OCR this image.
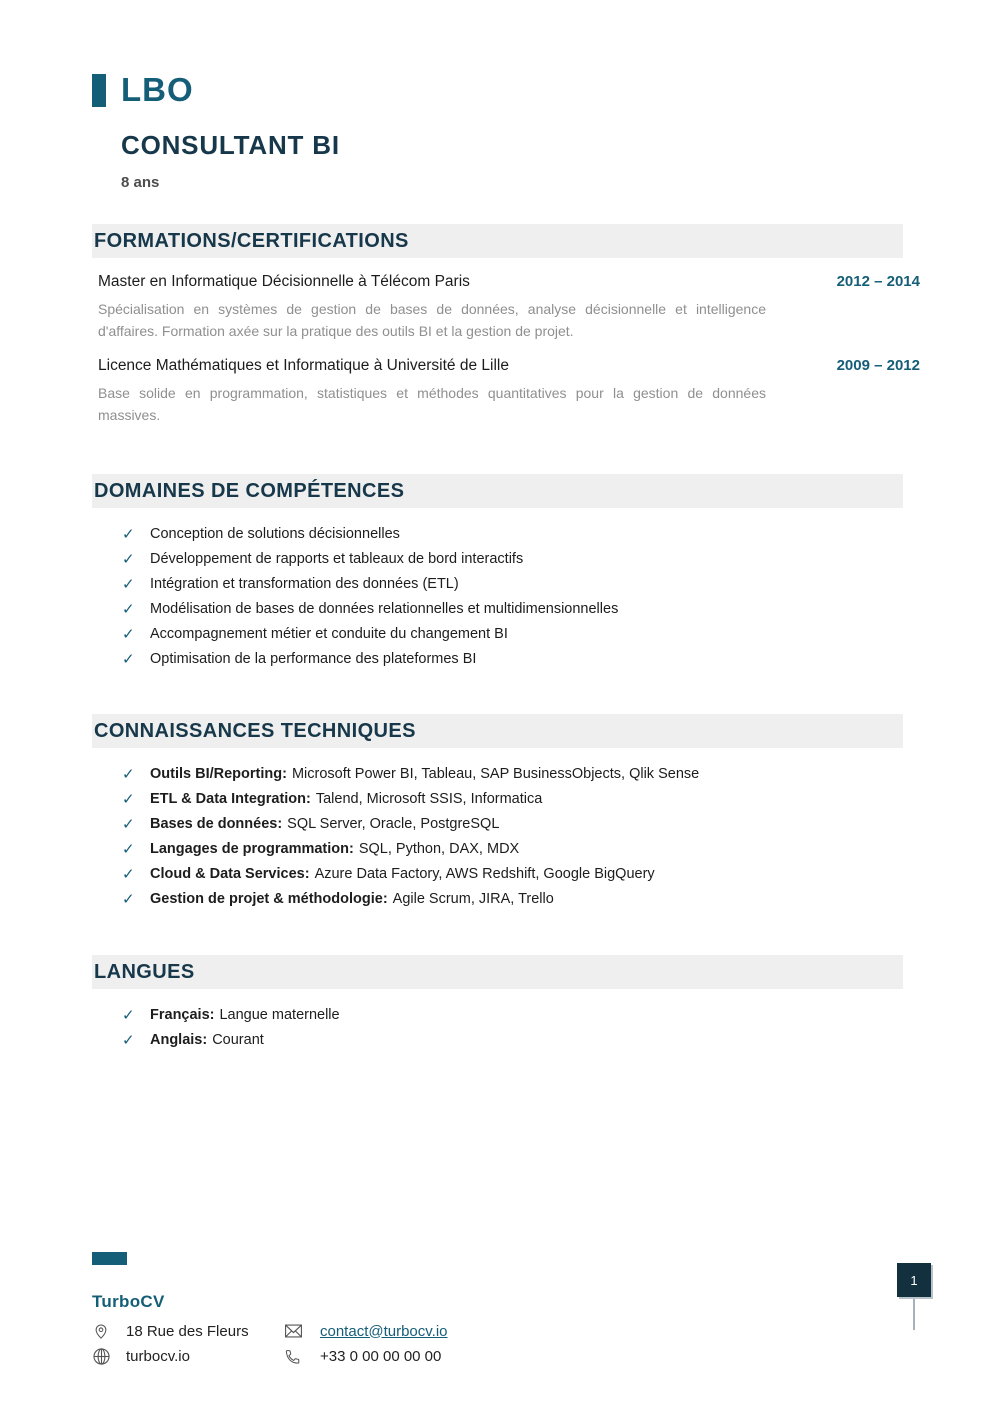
LBO
CONSULTANT BI
8 ans
FORMATIONS/CERTIFICATIONS
Master en Informatique Décisionnelle à Télécom Paris	2012 – 2014
Spécialisation en systèmes de gestion de bases de données, analyse décisionnelle et intelligence d'affaires. Formation axée sur la pratique des outils BI et la gestion de projet.
Licence Mathématiques et Informatique à Université de Lille	2009 – 2012
Base solide en programmation, statistiques et méthodes quantitatives pour la gestion de données massives.
DOMAINES DE COMPÉTENCES
✓	Conception de solutions décisionnelles
✓	Développement de rapports et tableaux de bord interactifs
✓	Intégration et transformation des données (ETL)
✓	Modélisation de bases de données relationnelles et multidimensionnelles
✓	Accompagnement métier et conduite du changement BI
✓	Optimisation de la performance des plateformes BI
CONNAISSANCES TECHNIQUES
✓	Outils BI/Reporting: Microsoft Power BI, Tableau, SAP BusinessObjects, Qlik Sense
✓	ETL & Data Integration: Talend, Microsoft SSIS, Informatica
✓	Bases de données: SQL Server, Oracle, PostgreSQL
✓	Langages de programmation: SQL, Python, DAX, MDX
✓	Cloud & Data Services: Azure Data Factory, AWS Redshift, Google BigQuery
✓	Gestion de projet & méthodologie: Agile Scrum, JIRA, Trello
LANGUES
✓	Français: Langue maternelle
✓	Anglais: Courant
TurboCV
18 Rue des Fleurs	contact@turbocv.io
turbocv.io	+33 0 00 00 00 00
1
